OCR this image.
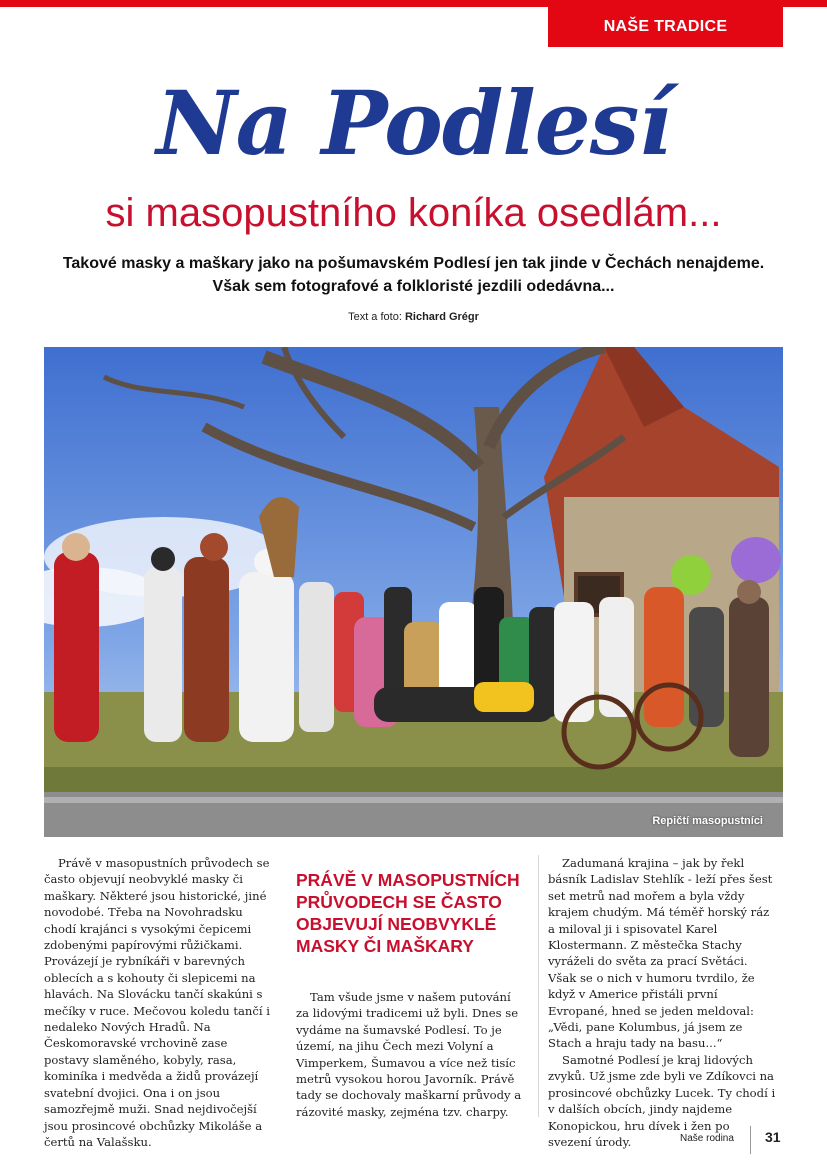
NAŠE TRADICE
Na Podlesí
si masopustního koníka osedlám...
Takové masky a maškary jako na pošumavském Podlesí jen tak jinde v Čechách nenajdeme.
Však sem fotografové a folkloristé jezdili odedávna...
Text a foto: Richard Grégr
Repičtí masopustníci

Právě v masopustních průvodech se často objevují neobvyklé masky či maškary. Některé jsou historické, jiné novodobé. Třeba na Novohradsku chodí krajánci s vysokými čepicemi zdobenými papírovými růžičkami. Provázejí je rybníkáři v barevných oblecích a s kohouty či slepicemi na hlavách. Na Slovácku tančí skakúni s mečíky v ruce. Mečovou koledu tančí i nedaleko Nových Hradů. Na Českomoravské vrchovině zase postavy slaměného, kobyly, rasa, kominíka i medvěda a židů provázejí svatební dvojici. Ona i on jsou samozřejmě muži. Snad nejdivočejší jsou prosincové obchůzky Mikoláše a čertů na Valašsku.

PRÁVĚ V MASOPUSTNÍCH PRŮVODECH SE ČASTO OBJEVUJÍ NEOBVYKLÉ MASKY ČI MAŠKARY

Tam všude jsme v našem putování za lidovými tradicemi už byli. Dnes se vydáme na šumavské Podlesí. To je území, na jihu Čech mezi Volyní a Vimperkem, Šumavou a více než tisíc metrů vysokou horou Javorník. Právě tady se dochovaly maškarní průvody a rázovité masky, zejména tzv. charpy.

Zadumaná krajina – jak by řekl básník Ladislav Stehlík - leží přes šest set metrů nad mořem a byla vždy krajem chudým. Má téměř horský ráz a miloval ji i spisovatel Karel Klostermann. Z městečka Stachy vyráželi do světa za prací Světáci. Však se o nich v humoru tvrdilo, že když v Americe přistáli první Evropané, hned se jeden meldoval: „Vědi, pane Kolumbus, já jsem ze Stach a hraju tady na basu...“

Samotné Podlesí je kraj lidových zvyků. Už jsme zde byli ve Zdíkovci na prosincové obchůzky Lucek. Ty chodí i v dalších obcích, jindy najdeme Konopickou, hru dívek i žen po svezení úrody.	Naše rodina 31
